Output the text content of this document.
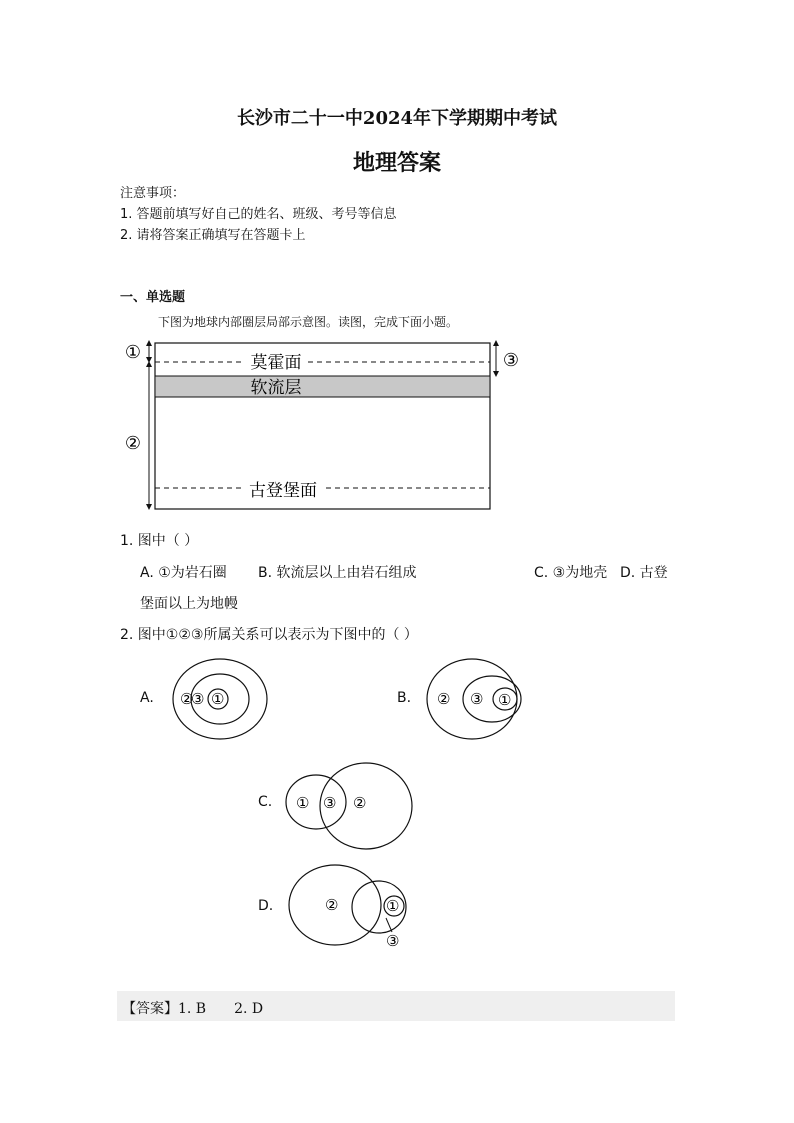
长沙市二十一中2024年下学期期中考试
地理答案
注意事项：
1. 答题前填写好自己的姓名、班级、考号等信息
2. 请将答案正确填写在答题卡上
一、单选题
下图为地球内部圈层局部示意图。读图，完成下面小题。
莫霍面
软流层
古登堡面
①
②
③
1. 图中（ ）
A. ①为岩石圈 B. 软流层以上由岩石组成	C. ③为地壳 D. 古登
堡面以上为地幔
2. 图中①②③所属关系可以表示为下图中的（ ）
A. ②
③ ①	B. ② ③ ①
C. ① ③ ②
D.	②	①
③
【答案】1. B 2. D
